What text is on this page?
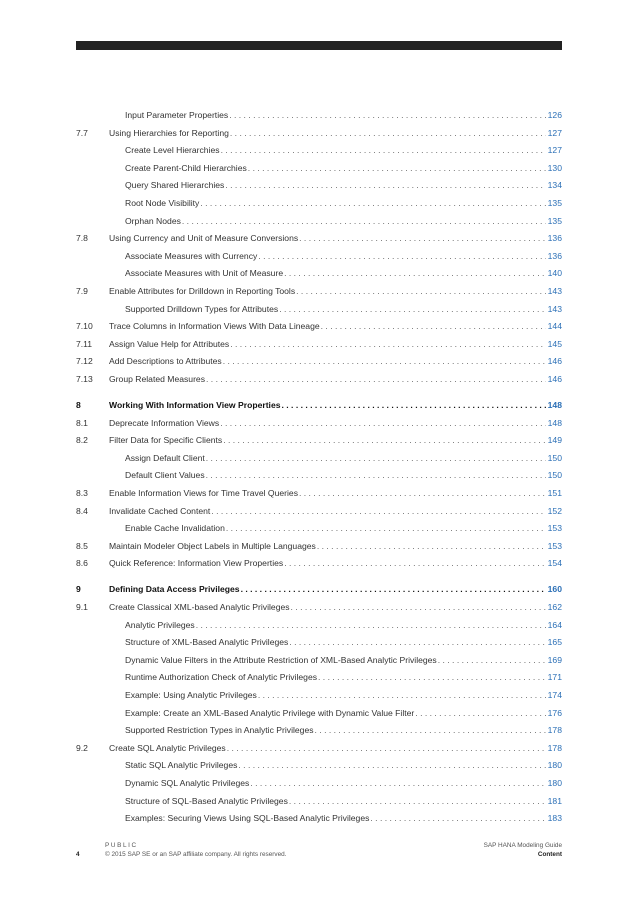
Input Parameter Properties . . .	126
7.7 Using Hierarchies for Reporting . . .	127
Create Level Hierarchies . . .	127
Create Parent-Child Hierarchies . . .	130
Query Shared Hierarchies . . .	134
Root Node Visibility . . .	135
Orphan Nodes . . .	135
7.8 Using Currency and Unit of Measure Conversions . . .	136
Associate Measures with Currency . . .	136
Associate Measures with Unit of Measure . . .	140
7.9 Enable Attributes for Drilldown in Reporting Tools . . .	143
Supported Drilldown Types for Attributes . . .	143
7.10 Trace Columns in Information Views With Data Lineage . . .	144
7.11 Assign Value Help for Attributes . . .	145
7.12 Add Descriptions to Attributes . . .	146
7.13 Group Related Measures . . .	146
8	Working With Information View Properties . . .	148
8.1 Deprecate Information Views . . .	148
8.2 Filter Data for Specific Clients . . .	149
Assign Default Client . . .	150
Default Client Values . . .	150
8.3 Enable Information Views for Time Travel Queries . . .	151
8.4 Invalidate Cached Content . . .	152
Enable Cache Invalidation . . .	153
8.5 Maintain Modeler Object Labels in Multiple Languages . . .	153
8.6 Quick Reference: Information View Properties . . .	154
9	Defining Data Access Privileges . . .	160
9.1 Create Classical XML-based Analytic Privileges . . .	162
Analytic Privileges . . .	164
Structure of XML-Based Analytic Privileges . . .	165
Dynamic Value Filters in the Attribute Restriction of XML-Based Analytic Privileges . . .	169
Runtime Authorization Check of Analytic Privileges . . .	171
Example: Using Analytic Privileges . . .	174
Example: Create an XML-Based Analytic Privilege with Dynamic Value Filter . . .	176
Supported Restriction Types in Analytic Privileges . . .	178
9.2 Create SQL Analytic Privileges . . .	178
Static SQL Analytic Privileges . . .	180
Dynamic SQL Analytic Privileges . . .	180
Structure of SQL-Based Analytic Privileges . . .	181
Examples: Securing Views Using SQL-Based Analytic Privileges . . .	183
4
PUBLIC
© 2015 SAP SE or an SAP affiliate company. All rights reserved.
SAP HANA Modeling Guide
Content
